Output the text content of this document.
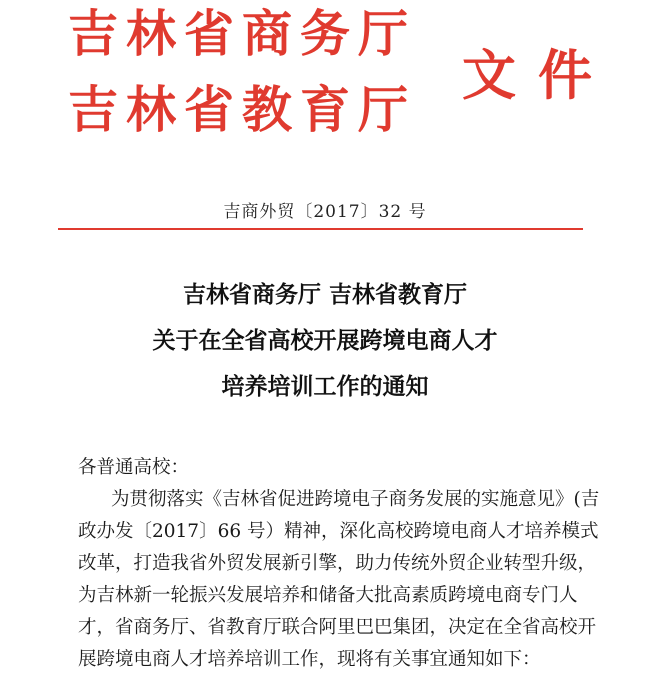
吉林省商务厅
吉林省教育厅
文件
吉商外贸〔2017〕32 号
吉林省商务厅 吉林省教育厅
关于在全省高校开展跨境电商人才
培养培训工作的通知
各普通高校：
为贯彻落实《吉林省促进跨境电子商务发展的实施意见》(吉
政办发〔2017〕66 号）精神，深化高校跨境电商人才培养模式
改革，打造我省外贸发展新引擎，助力传统外贸企业转型升级，
为吉林新一轮振兴发展培养和储备大批高素质跨境电商专门人
才，省商务厅、省教育厅联合阿里巴巴集团，决定在全省高校开
展跨境电商人才培养培训工作，现将有关事宜通知如下：
